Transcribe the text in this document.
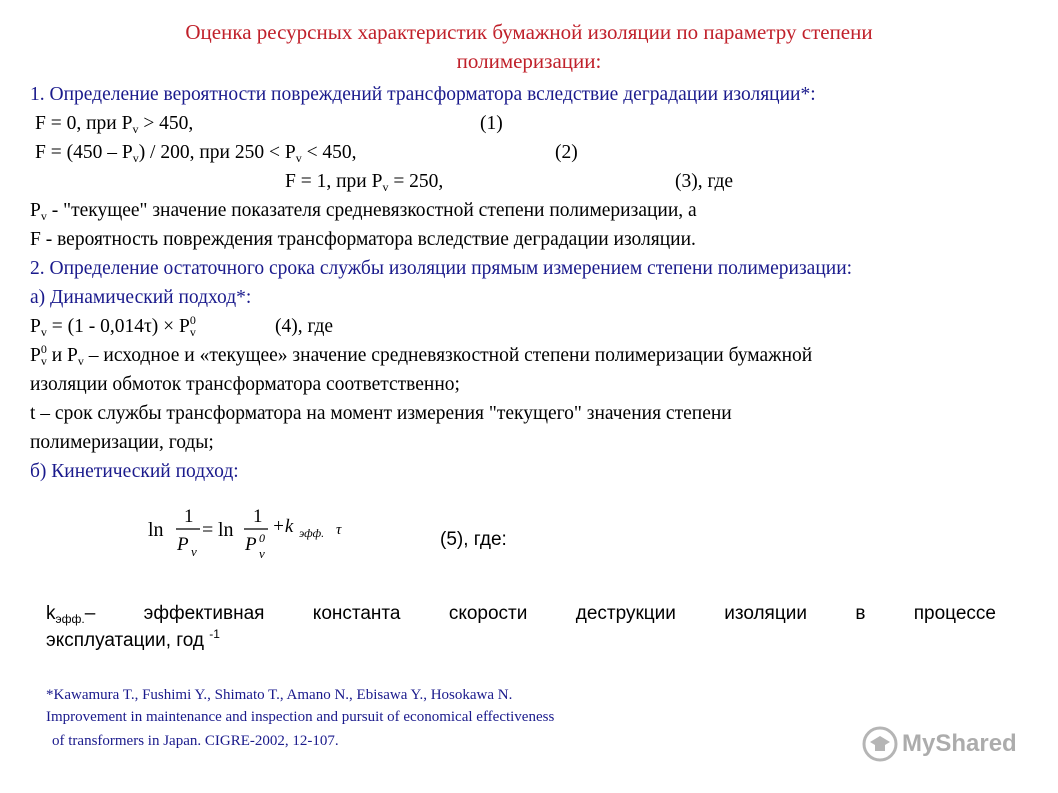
Оценка ресурсных характеристик бумажной изоляции по параметру степени
полимеризации:
1. Определение вероятности повреждений трансформатора вследствие деградации изоляции*:
F = 0, при $P_v > 450$,	(1)
$F = (450 - P_v) / 200$, при $250 < P_v < 450$,	(2)
F = 1, при $P_v = 250$,	(3), где
$P_v$ - "текущее" значение показателя средневязкостной степени полимеризации, а
F - вероятность повреждения трансформатора вследствие деградации изоляции.
2. Определение остаточного срока службы изоляции прямым измерением степени полимеризации:
а) Динамический подход*:
$P_v = (1 - 0,014\tau) \times P_v^0$	(4), где
$P_v^0$ и $P_v$ – исходное и «текущее» значение средневязкостной степени полимеризации бумажной
изоляции обмоток трансформатора соответственно;
t – срок службы трансформатора на момент измерения "текущего" значения степени
полимеризации, годы;
б) Кинетический подход:
ln
1
P v
= ln
1
P 0
v
+k эфф. τ	(5), где:
$k_{эфф.}$ – эффективная константа скорости деструкции изоляции в процессе
эксплуатации, год $^{-1}$
*Kawamura T., Fushimi Y., Shimato T., Amano N., Ebisawa Y., Hosokawa N.
Improvement in maintenance and inspection and pursuit of economical effectiveness
of transformers in Japan. CIGRE-2002, 12-107.	MyShared
